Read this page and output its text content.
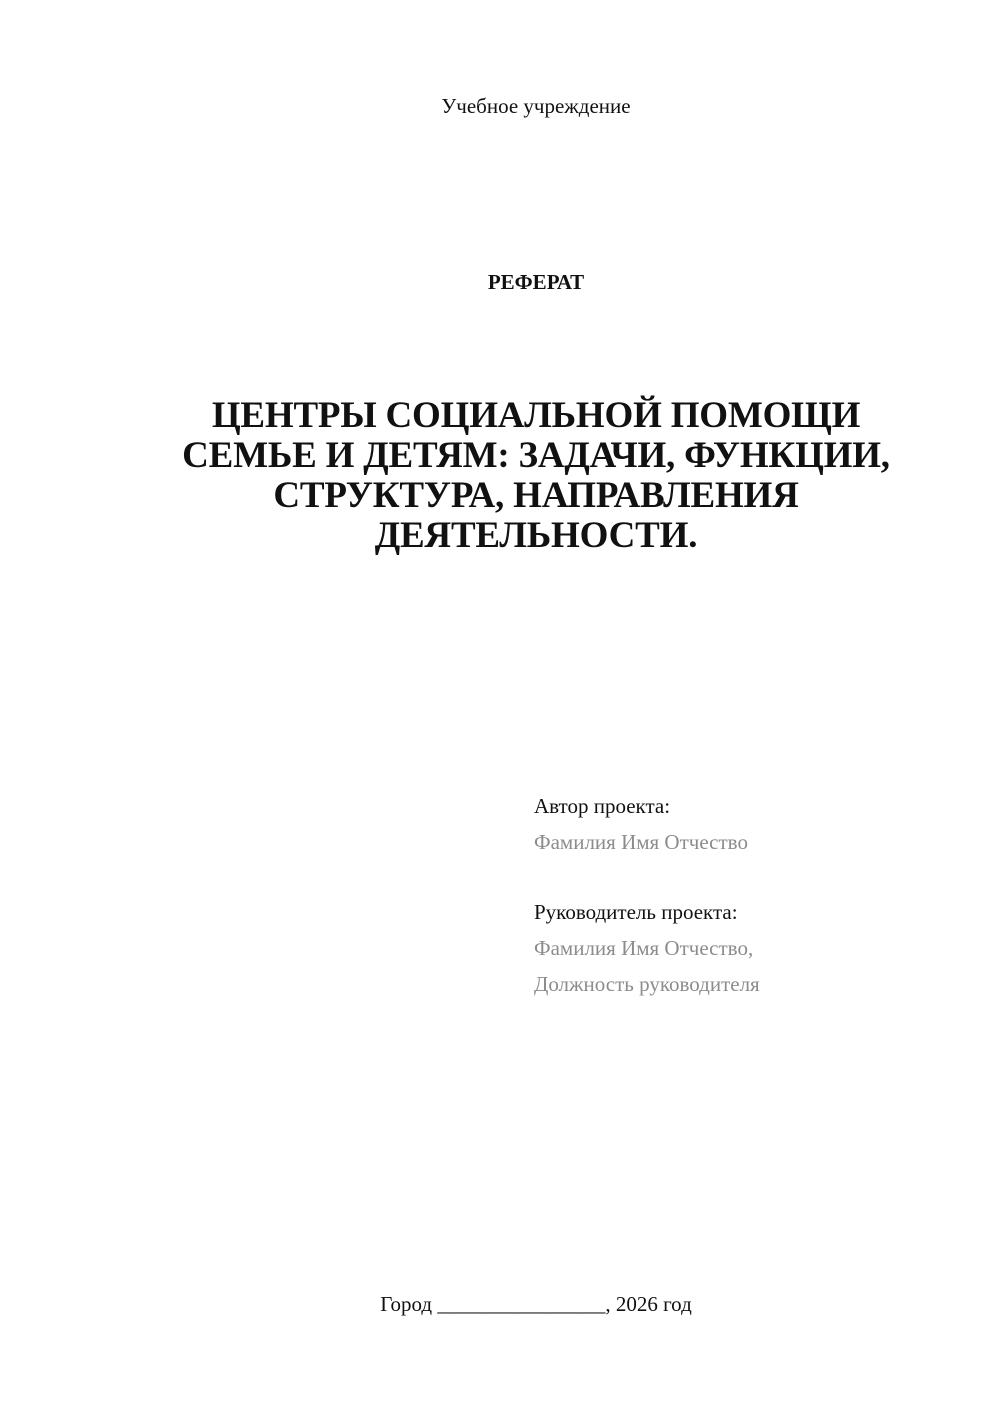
Учебное учреждение
РЕФЕРАТ
ЦЕНТРЫ СОЦИАЛЬНОЙ ПОМОЩИ
СЕМЬЕ И ДЕТЯМ: ЗАДАЧИ, ФУНКЦИИ,
СТРУКТУРА, НАПРАВЛЕНИЯ
ДЕЯТЕЛЬНОСТИ.
Автор проекта:
Фамилия Имя Отчество
Руководитель проекта:
Фамилия Имя Отчество,
Должность руководителя
Город ________________, 2026 год
